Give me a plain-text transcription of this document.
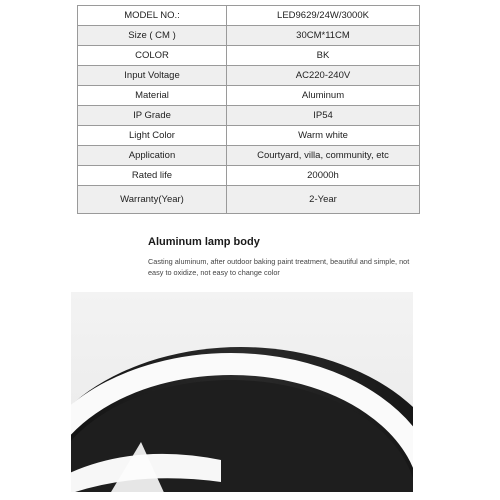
MODEL NO.:	LED9629/24W/3000K
Size ( CM )	30CM*11CM
COLOR	BK
Input Voltage	AC220-240V
Material	Aluminum
IP Grade	IP54
Light Color	Warm white
Application	Courtyard, villa, community, etc
Rated life	20000h
Warranty(Year)	2-Year
Aluminum lamp body
Casting aluminum, after outdoor baking paint treatment, beautiful and simple, not easy to oxidize, not easy to change color
